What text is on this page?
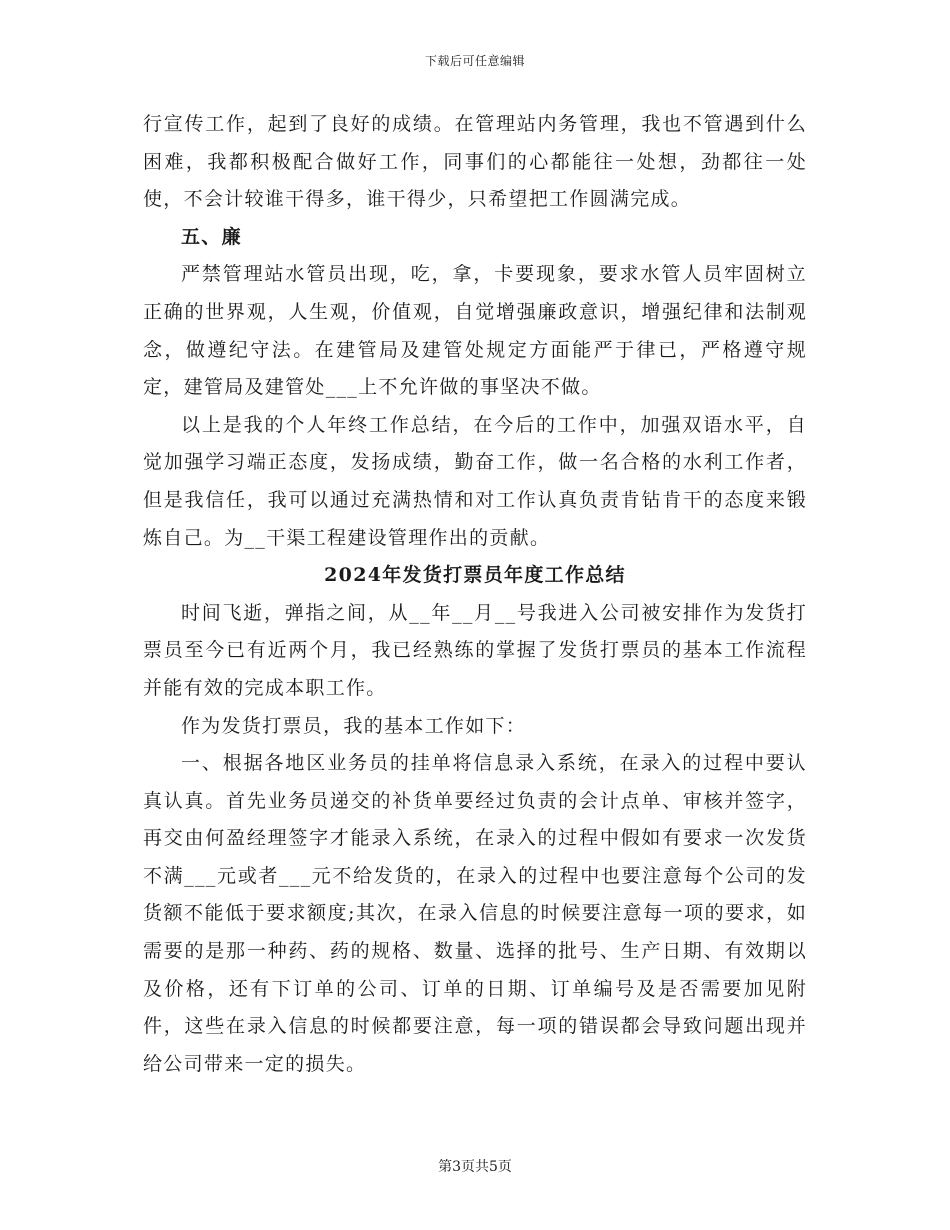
下载后可任意编辑

行宣传工作，起到了良好的成绩。在管理站内务管理，我也不管遇到什么困难，我都积极配合做好工作，同事们的心都能往一处想，劲都往一处使，不会计较谁干得多，谁干得少，只希望把工作圆满完成。

五、廉

严禁管理站水管员出现，吃，拿，卡要现象，要求水管人员牢固树立正确的世界观，人生观，价值观，自觉增强廉政意识，增强纪律和法制观念，做遵纪守法。在建管局及建管处规定方面能严于律已，严格遵守规定，建管局及建管处___上不允许做的事坚决不做。

以上是我的个人年终工作总结，在今后的工作中，加强双语水平，自觉加强学习端正态度，发扬成绩，勤奋工作，做一名合格的水利工作者，但是我信任，我可以通过充满热情和对工作认真负责肯钻肯干的态度来锻炼自己。为__干渠工程建设管理作出的贡献。

2024年发货打票员年度工作总结

时间飞逝，弹指之间，从__年__月__号我进入公司被安排作为发货打票员至今已有近两个月，我已经熟练的掌握了发货打票员的基本工作流程并能有效的完成本职工作。

作为发货打票员，我的基本工作如下：

一、根据各地区业务员的挂单将信息录入系统，在录入的过程中要认真认真。首先业务员递交的补货单要经过负责的会计点单、审核并签字，再交由何盈经理签字才能录入系统，在录入的过程中假如有要求一次发货不满___元或者___元不给发货的，在录入的过程中也要注意每个公司的发货额不能低于要求额度;其次，在录入信息的时候要注意每一项的要求，如需要的是那一种药、药的规格、数量、选择的批号、生产日期、有效期以及价格，还有下订单的公司、订单的日期、订单编号及是否需要加见附件，这些在录入信息的时候都要注意，每一项的错误都会导致问题出现并给公司带来一定的损失。

第3页共5页
